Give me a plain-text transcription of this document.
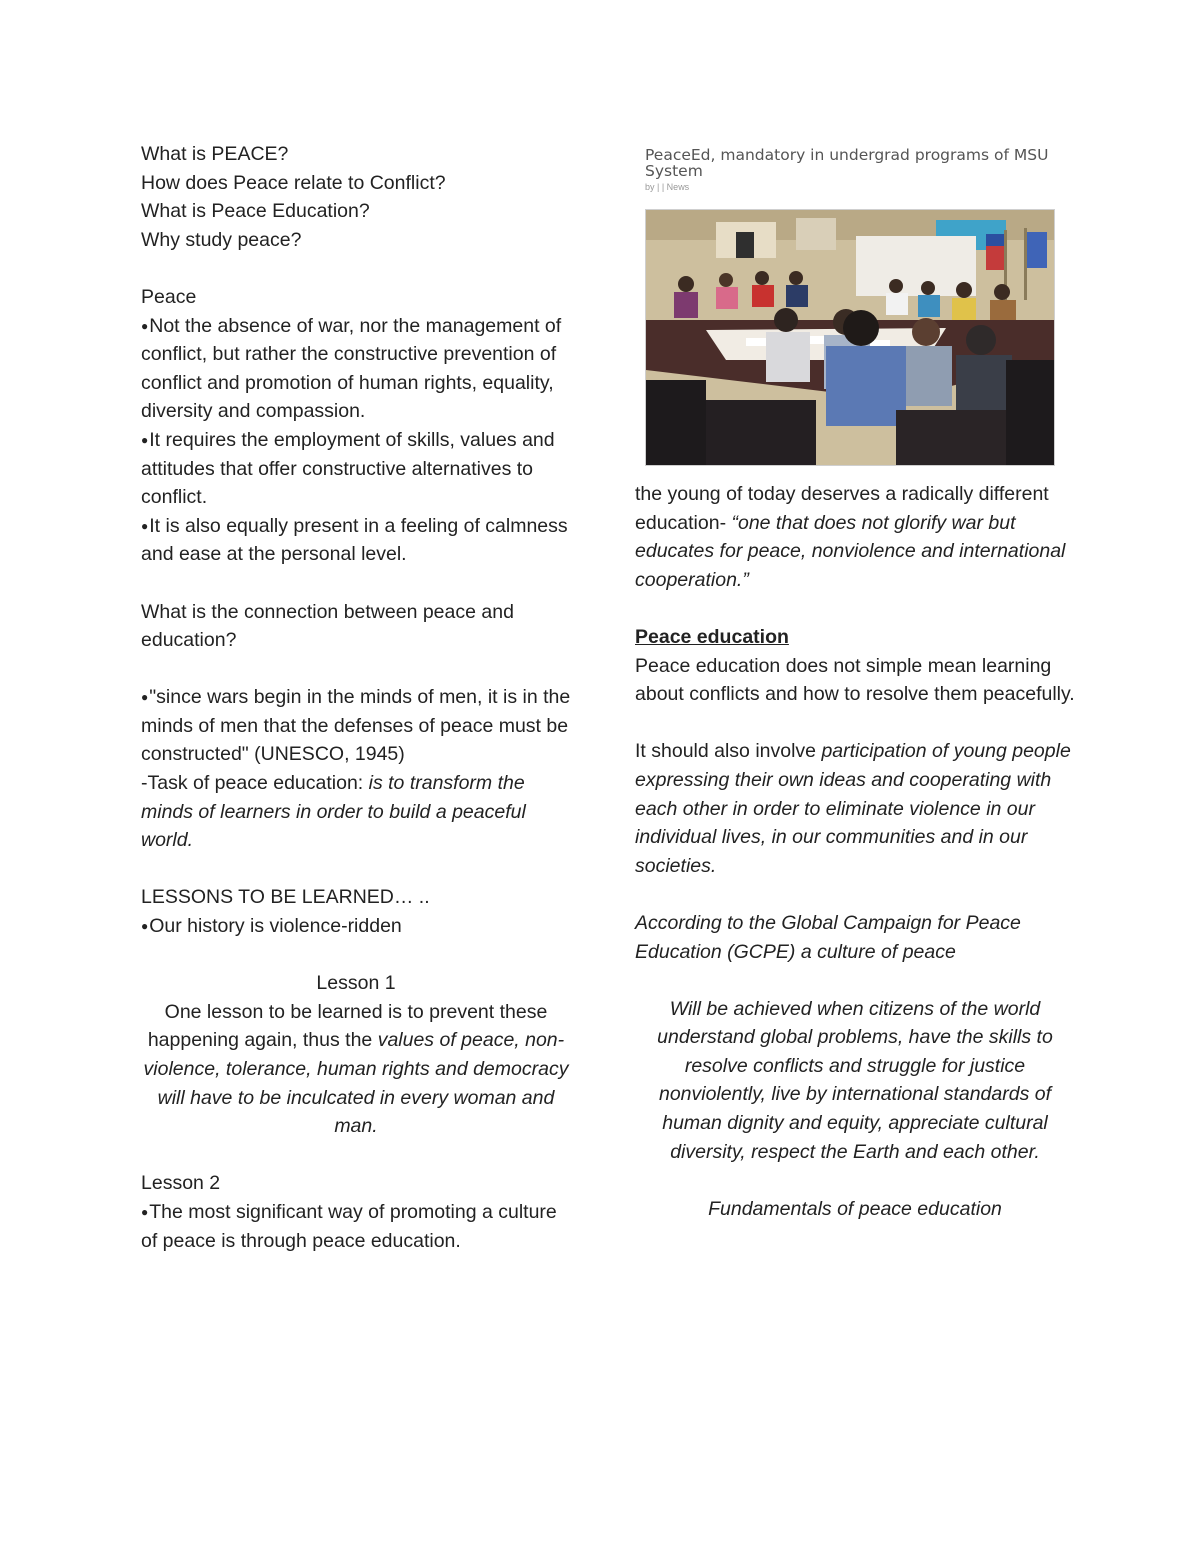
What is PEACE?

How does Peace relate to Conflict?

What is Peace Education?

Why study peace?

Peace

●Not the absence of war, nor the management of conflict, but rather the constructive prevention of conflict and promotion of human rights, equality, diversity and compassion.

●It requires the employment of skills, values and attitudes that offer constructive alternatives to conflict.

●It is also equally present in a feeling of calmness and ease at the personal level.

What is the connection between peace and education?

●"since wars begin in the minds of men, it is in the minds of men that the defenses of peace must be constructed" (UNESCO, 1945)

-Task of peace education: is to transform the minds of learners in order to build a peaceful world.

LESSONS TO BE LEARNED… ..

●Our history is violence-ridden

Lesson 1

One lesson to be learned is to prevent these happening again, thus the values of peace, non-violence, tolerance, human rights and democracy will have to be inculcated in every woman and man.

Lesson 2

●The most significant way of promoting a culture of peace is through peace education.

PeaceEd, mandatory in undergrad programs of MSU System

by | | News

the young of today deserves a radically different education- “one that does not glorify war but educates for peace, nonviolence and international cooperation.”

Peace education

Peace education does not simple mean learning about conflicts and how to resolve them peacefully.

It should also involve participation of young people expressing their own ideas and cooperating with each other in order to eliminate violence in our individual lives, in our communities and in our societies.

According to the Global Campaign for Peace Education (GCPE) a culture of peace

Will be achieved when citizens of the world understand global problems, have the skills to resolve conflicts and struggle for justice nonviolently, live by international standards of human dignity and equity, appreciate cultural diversity, respect the Earth and each other.

Fundamentals of peace education
